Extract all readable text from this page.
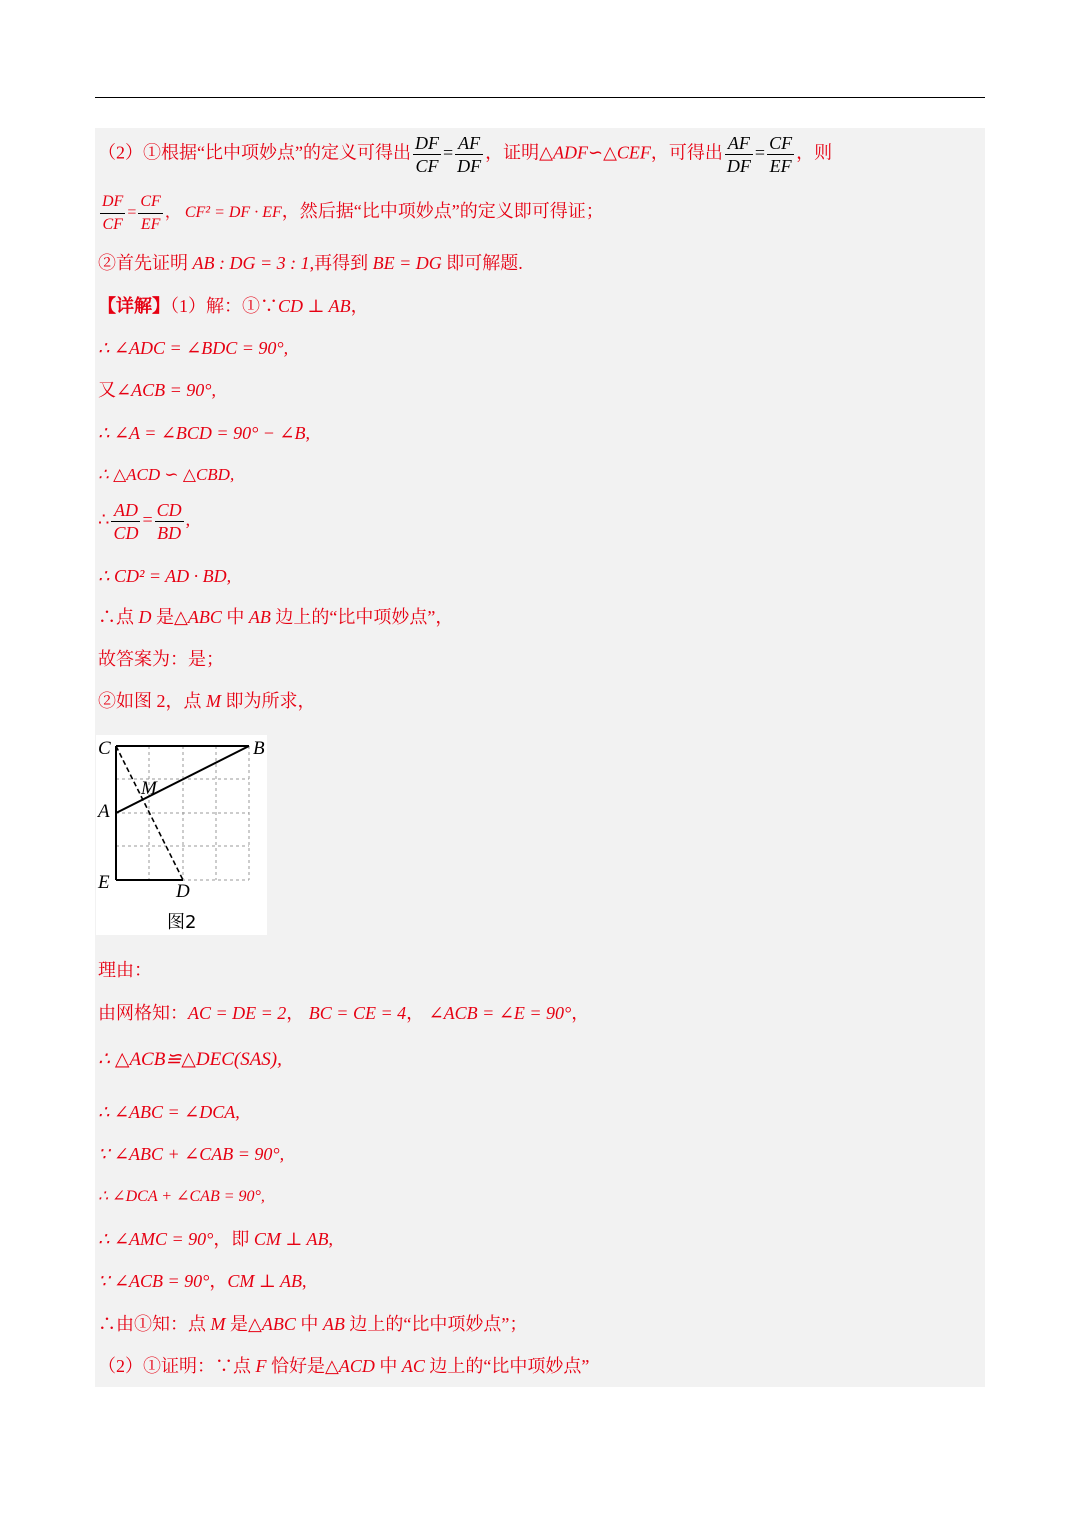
（2）①根据“比中项妙点”的定义可得出 $\frac{DF}{CF} = \frac{AF}{DF}$ ，证明△ADF∽△CEF，可得出 $\frac{AF}{DF} = \frac{CF}{EF}$ ，则
$\frac{DF}{CF} = \frac{CF}{EF}$ ， CF² = DF · EF，然后据“比中项妙点”的定义即可得证；
②首先证明 AB : DG = 3 : 1,再得到 BE = DG 即可解题.
【详解】（1）解：①∵CD ⊥ AB，
∴ ∠ADC = ∠BDC = 90°,
又∠ACB = 90°,
∴ ∠A = ∠BCD = 90° − ∠B,
∴ △ACD ∽ △CBD,
∴ $\frac{AD}{CD} = \frac{CD}{BD}$ ,
∴ CD² = AD · BD,
∴点 D 是△ABC 中 AB 边上的“比中项妙点”，
故答案为：是；
②如图 2，点 M 即为所求，
C	B
M
A
E	D
图2
理由：
由网格知：AC = DE = 2， BC = CE = 4， ∠ACB = ∠E = 90°，
∴ △ACB≌△DEC(SAS),
∴ ∠ABC = ∠DCA,
∵ ∠ABC + ∠CAB = 90°,
∴ ∠DCA + ∠CAB = 90°,
∴ ∠AMC = 90°，即 CM ⊥ AB,
∵ ∠ACB = 90°，CM ⊥ AB,
∴由①知：点 M 是△ABC 中 AB 边上的“比中项妙点”；
（2）①证明：∵点 F 恰好是△ACD 中 AC 边上的“比中项妙点”
